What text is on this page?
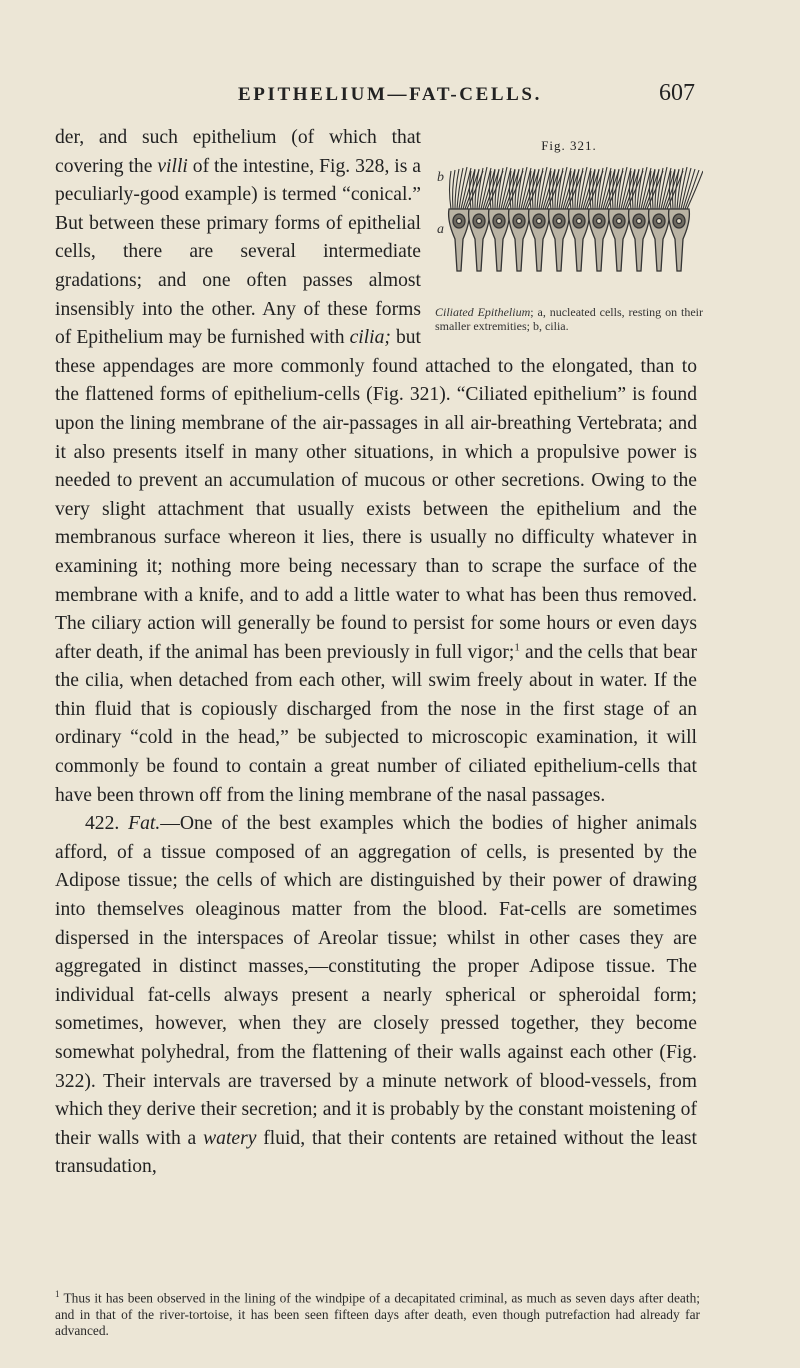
EPITHELIUM—FAT-CELLS.	607
Fig. 321.
b
a
Ciliated Epithelium; a, nucleated cells, resting on their smaller extremities; b, cilia.

der, and such epithelium (of which that covering the villi of the intestine, Fig. 328, is a peculiarly-good example) is termed “conical.” But between these primary forms of epithelial cells, there are several intermediate gradations; and one often passes almost insensibly into the other. Any of these forms of Epithelium may be furnished with cilia; but these appendages are more commonly found attached to the elongated, than to the flattened forms of epithelium-cells (Fig. 321). “Ciliated epithelium” is found upon the lining membrane of the air-passages in all air-breathing Vertebrata; and it also presents itself in many other situations, in which a propulsive power is needed to prevent an accumulation of mucous or other secretions. Owing to the very slight attachment that usually exists between the epithelium and the membranous surface whereon it lies, there is usually no difficulty whatever in examining it; nothing more being necessary than to scrape the surface of the membrane with a knife, and to add a little water to what has been thus removed. The ciliary action will generally be found to persist for some hours or even days after death, if the animal has been previously in full vigor;$^1$ and the cells that bear the cilia, when detached from each other, will swim freely about in water. If the thin fluid that is copiously discharged from the nose in the first stage of an ordinary “cold in the head,” be subjected to microscopic examination, it will commonly be found to contain a great number of ciliated epithelium-cells that have been thrown off from the lining membrane of the nasal passages.

422. Fat.—One of the best examples which the bodies of higher animals afford, of a tissue composed of an aggregation of cells, is presented by the Adipose tissue; the cells of which are distinguished by their power of drawing into themselves oleaginous matter from the blood. Fat-cells are sometimes dispersed in the interspaces of Areolar tissue; whilst in other cases they are aggregated in distinct masses,—constituting the proper Adipose tissue. The individual fat-cells always present a nearly spherical or spheroidal form; sometimes, however, when they are closely pressed together, they become somewhat polyhedral, from the flattening of their walls against each other (Fig. 322). Their intervals are traversed by a minute network of blood-vessels, from which they derive their secretion; and it is probably by the constant moistening of their walls with a watery fluid, that their contents are retained without the least transudation,

$^1$ Thus it has been observed in the lining of the windpipe of a decapitated criminal, as much as seven days after death; and in that of the river-tortoise, it has been seen fifteen days after death, even though putrefaction had already far advanced.
